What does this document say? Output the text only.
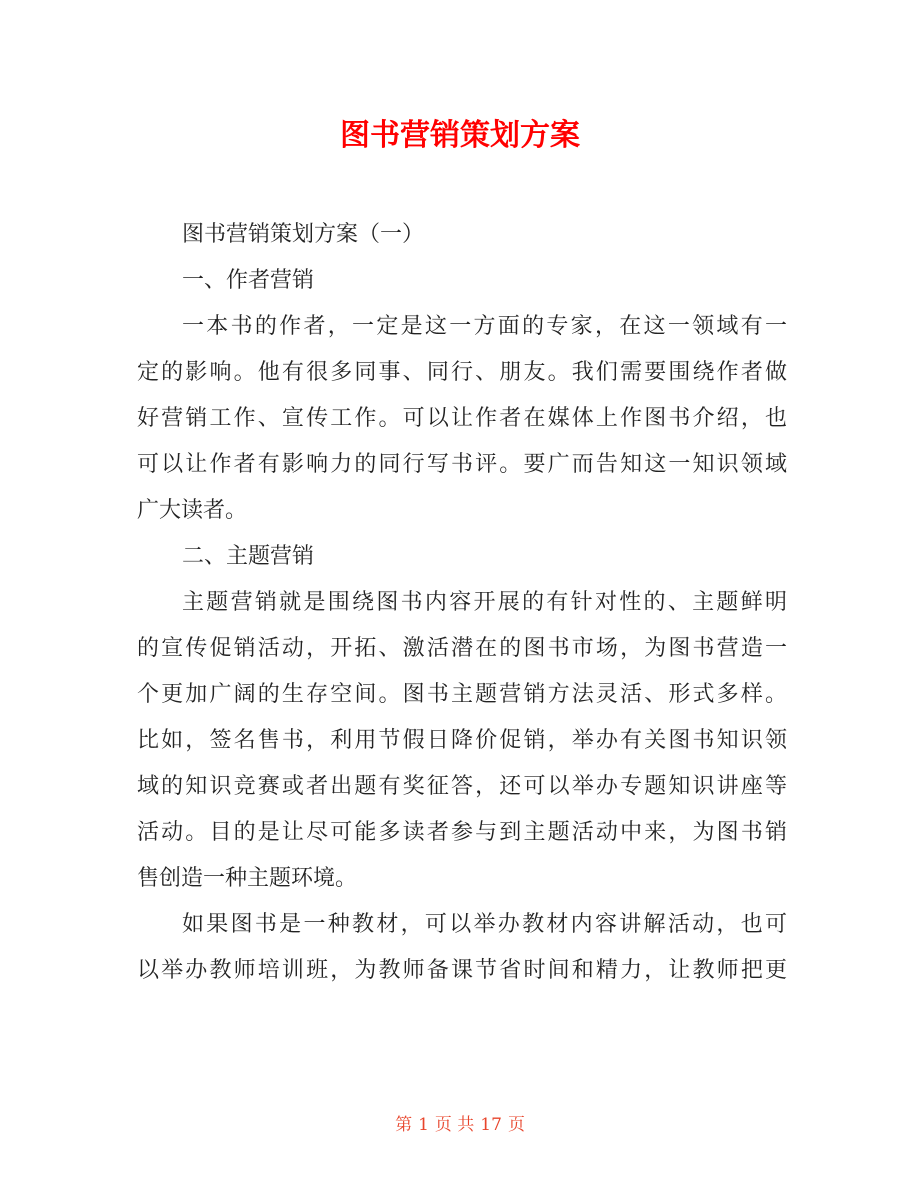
图书营销策划方案
图书营销策划方案（一）
一、作者营销
一本书的作者，一定是这一方面的专家，在这一领域有一
定的影响。他有很多同事、同行、朋友。我们需要围绕作者做
好营销工作、宣传工作。可以让作者在媒体上作图书介绍，也
可以让作者有影响力的同行写书评。要广而告知这一知识领域
广大读者。
二、主题营销
主题营销就是围绕图书内容开展的有针对性的、主题鲜明
的宣传促销活动，开拓、激活潜在的图书市场，为图书营造一
个更加广阔的生存空间。图书主题营销方法灵活、形式多样。
比如，签名售书，利用节假日降价促销，举办有关图书知识领
域的知识竞赛或者出题有奖征答，还可以举办专题知识讲座等
活动。目的是让尽可能多读者参与到主题活动中来，为图书销
售创造一种主题环境。
如果图书是一种教材，可以举办教材内容讲解活动，也可
以举办教师培训班，为教师备课节省时间和精力，让教师把更
第 1 页 共 17 页
